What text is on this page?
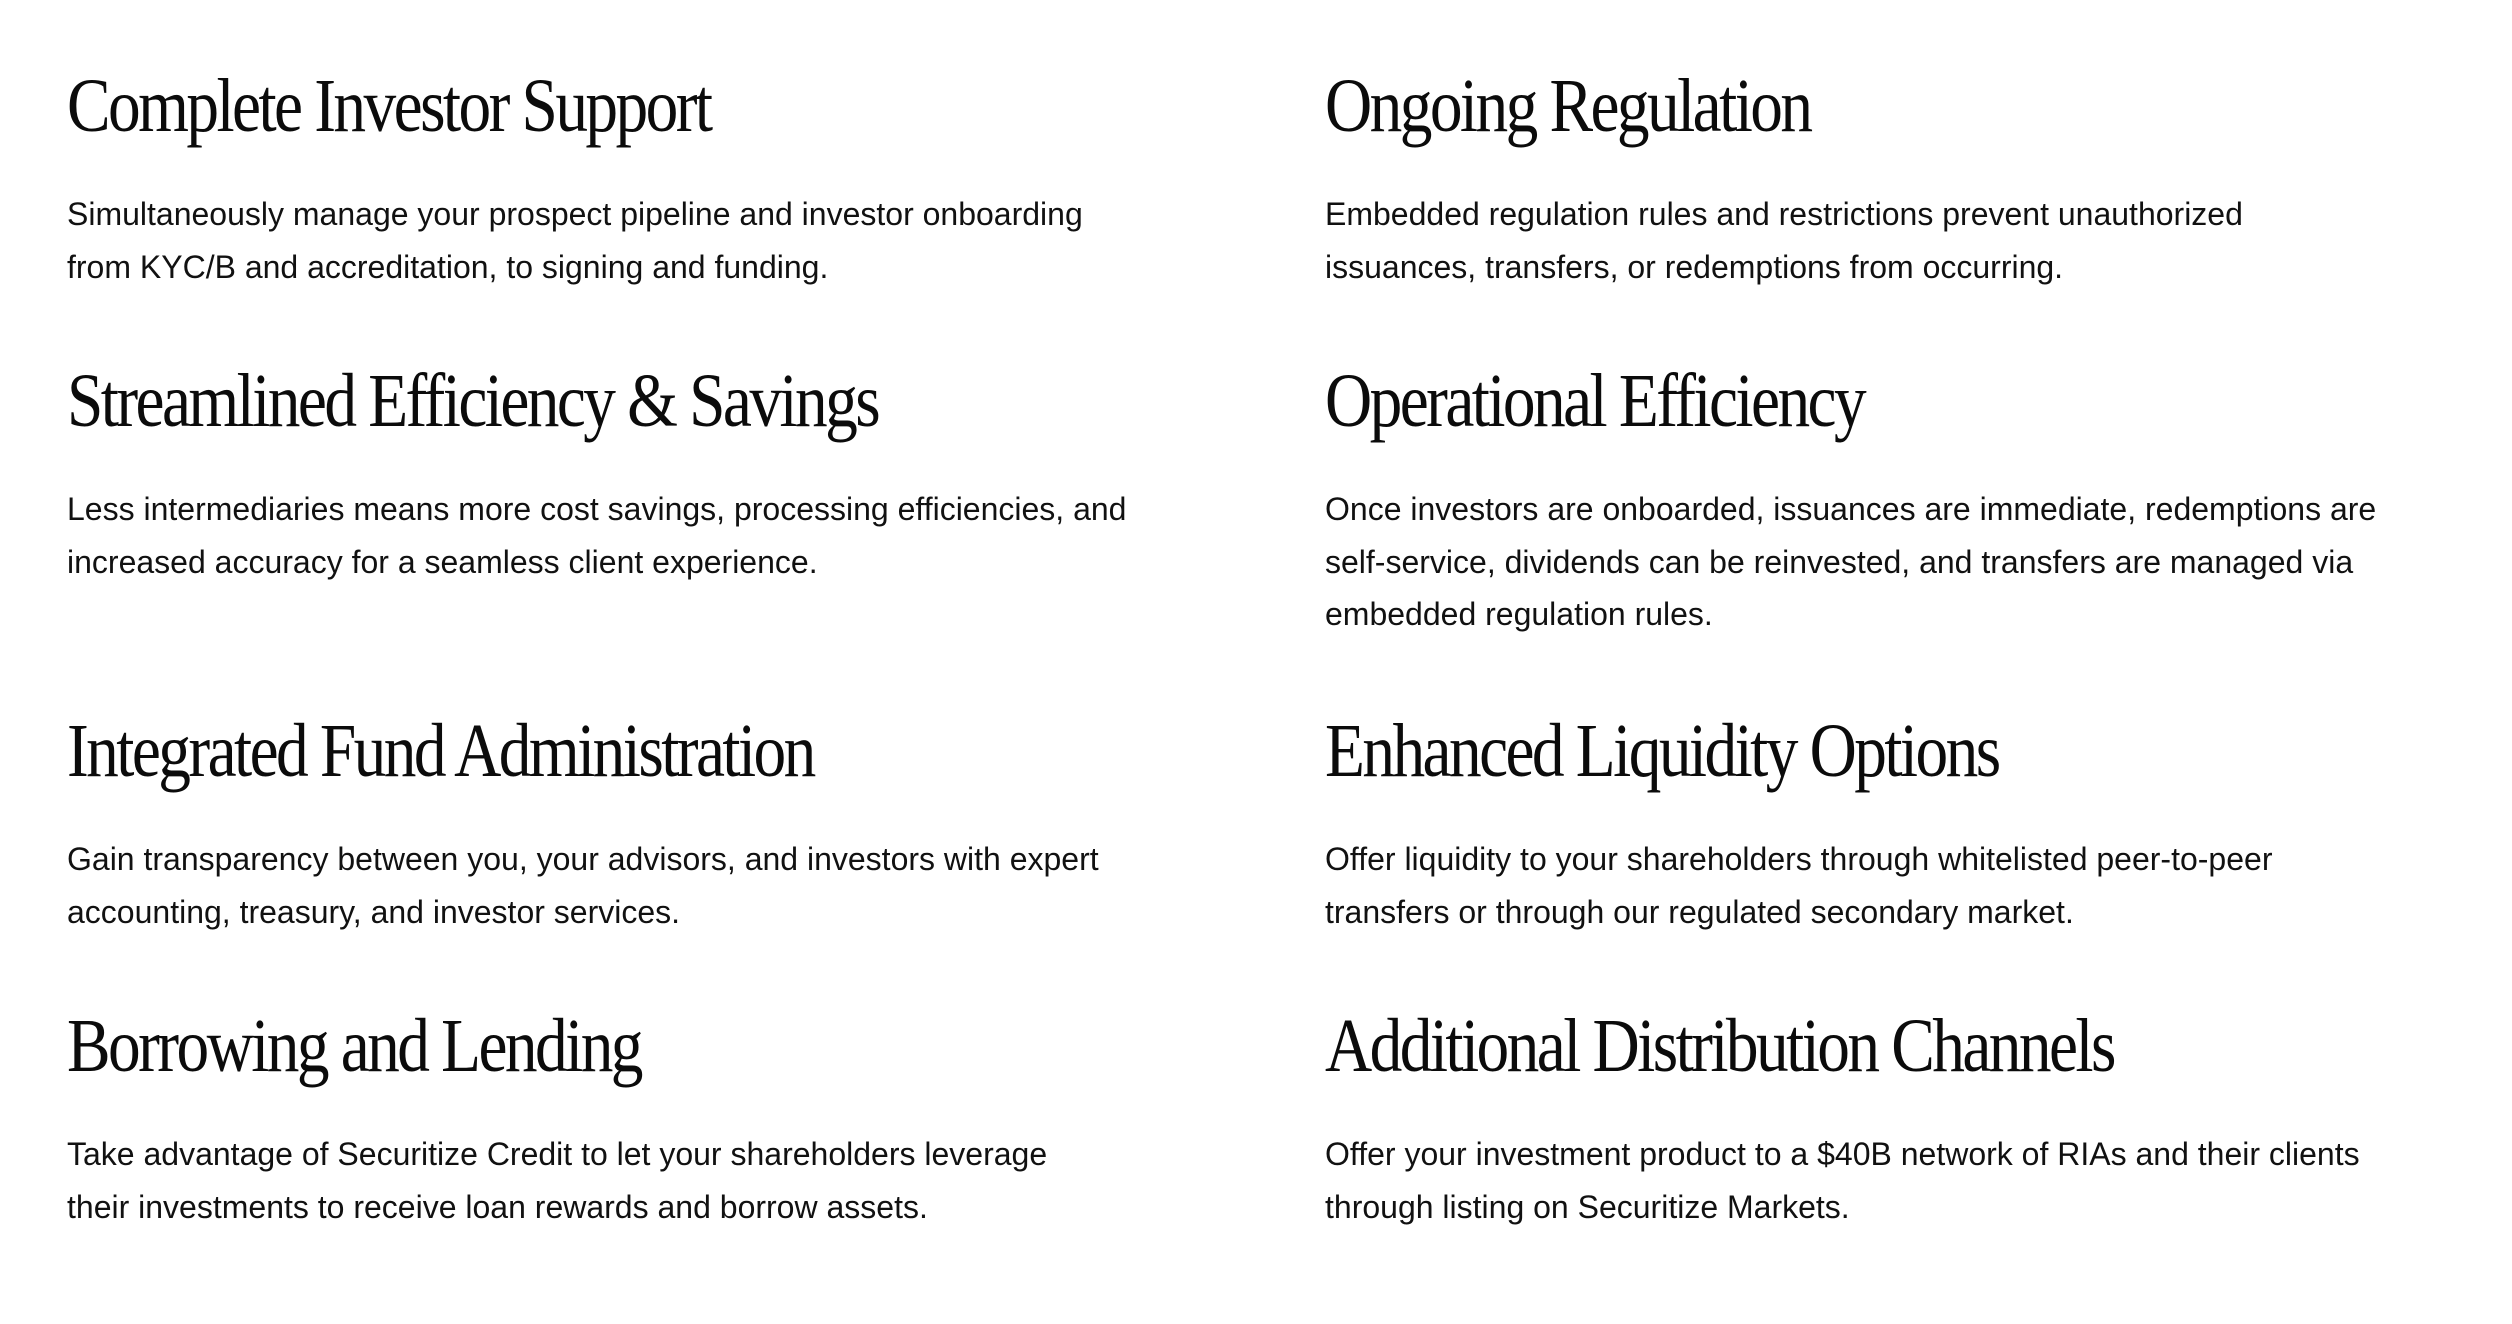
Complete Investor Support

Simultaneously manage your prospect pipeline and investor onboarding
from KYC/B and accreditation, to signing and funding.

Ongoing Regulation

Embedded regulation rules and restrictions prevent unauthorized
issuances, transfers, or redemptions from occurring.

Streamlined Efficiency & Savings

Less intermediaries means more cost savings, processing efficiencies, and
increased accuracy for a seamless client experience.

Operational Efficiency

Once investors are onboarded, issuances are immediate, redemptions are
self-service, dividends can be reinvested, and transfers are managed via
embedded regulation rules.

Integrated Fund Administration

Gain transparency between you, your advisors, and investors with expert
accounting, treasury, and investor services.

Enhanced Liquidity Options

Offer liquidity to your shareholders through whitelisted peer-to-peer
transfers or through our regulated secondary market.

Borrowing and Lending

Take advantage of Securitize Credit to let your shareholders leverage
their investments to receive loan rewards and borrow assets.

Additional Distribution Channels

Offer your investment product to a $40B network of RIAs and their clients
through listing on Securitize Markets.
